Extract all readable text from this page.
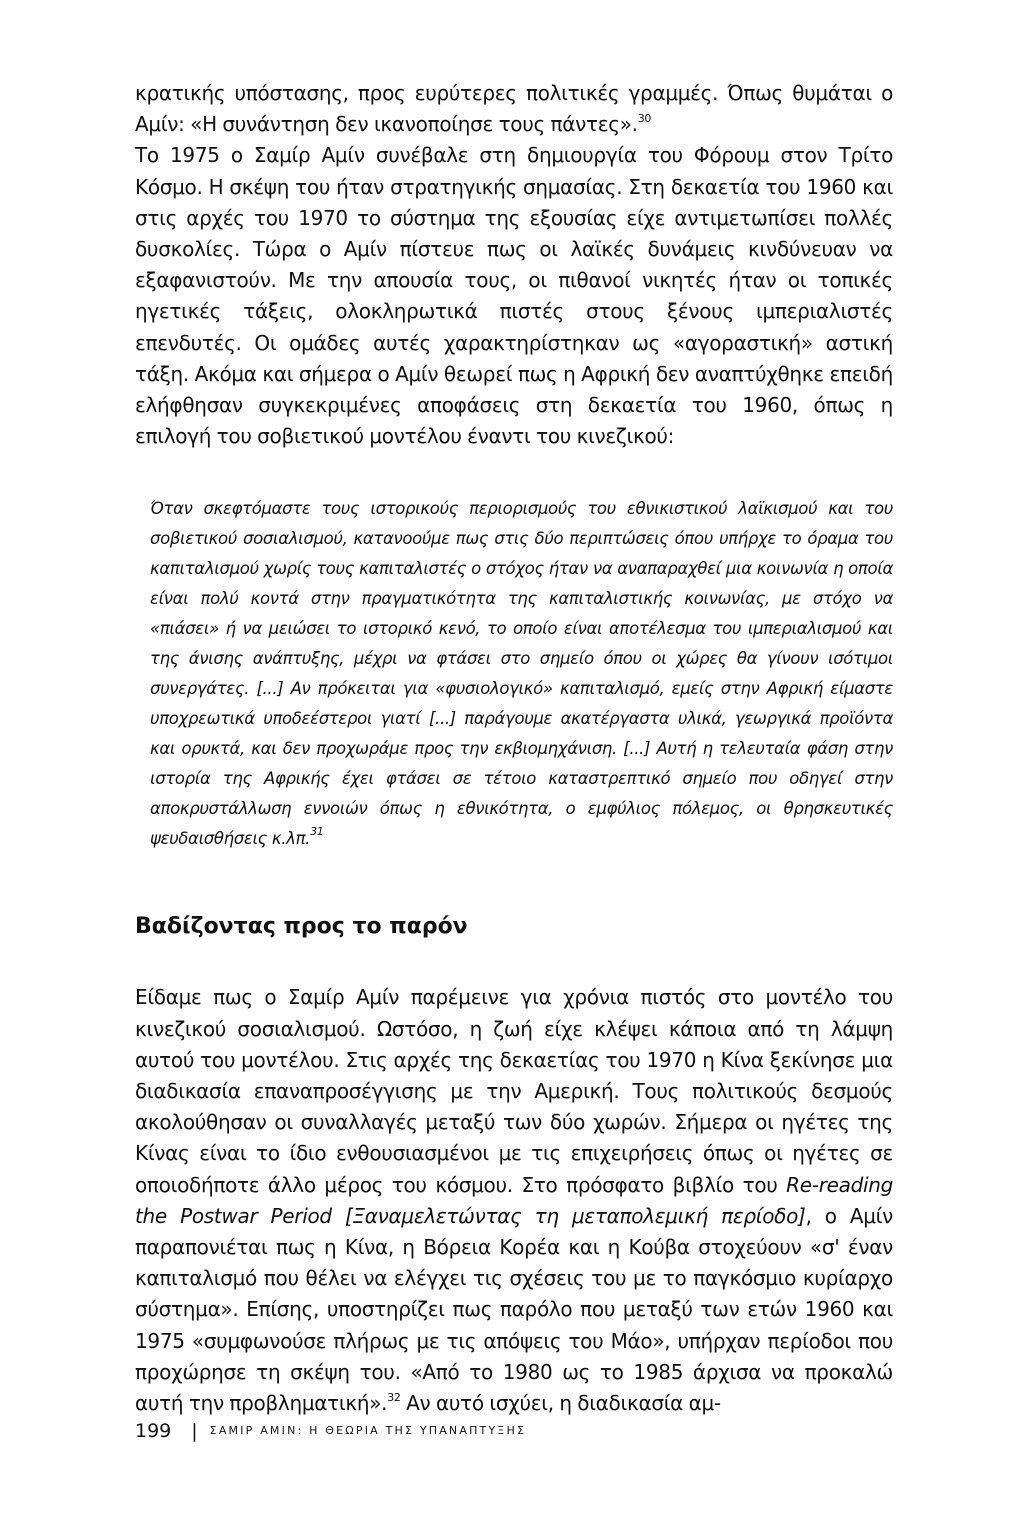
κρατικής υπόστασης, προς ευρύτερες πολιτικές γραμμές. Όπως θυμάται ο Αμίν: «Η συνάντηση δεν ικανοποίησε τους πάντες».$^{30}$
Το 1975 ο Σαμίρ Αμίν συνέβαλε στη δημιουργία του Φόρουμ στον Τρίτο Κόσμο. Η σκέψη του ήταν στρατηγικής σημασίας. Στη δεκαετία του 1960 και στις αρχές του 1970 το σύστημα της εξουσίας είχε αντιμετωπίσει πολλές δυσκολίες. Τώρα ο Αμίν πίστευε πως οι λαϊκές δυνάμεις κινδύνευαν να εξαφανιστούν. Με την απουσία τους, οι πιθανοί νικητές ήταν οι τοπικές ηγετικές τάξεις, ολοκληρωτικά πιστές στους ξένους ιμπεριαλιστές επενδυτές. Οι ομάδες αυτές χαρακτηρίστηκαν ως «αγοραστική» αστική τάξη. Ακόμα και σήμερα ο Αμίν θεωρεί πως η Αφρική δεν αναπτύχθηκε επειδή ελήφθησαν συγκεκριμένες αποφάσεις στη δεκαετία του 1960, όπως η επιλογή του σοβιετικού μοντέλου έναντι του κινεζικού:

Όταν σκεφτόμαστε τους ιστορικούς περιορισμούς του εθνικιστικού λαϊκισμού και του σοβιετικού σοσιαλισμού, κατανοούμε πως στις δύο περιπτώσεις όπου υπήρχε το όραμα του καπιταλισμού χωρίς τους καπιταλιστές ο στόχος ήταν να αναπαραχθεί μια κοινωνία η οποία είναι πολύ κοντά στην πραγματικότητα της καπιταλιστικής κοινωνίας, με στόχο να «πιάσει» ή να μειώσει το ιστορικό κενό, το οποίο είναι αποτέλεσμα του ιμπεριαλισμού και της άνισης ανάπτυξης, μέχρι να φτάσει στο σημείο όπου οι χώρες θα γίνουν ισότιμοι συνεργάτες. [...] Αν πρόκειται για «φυσιολογικό» καπιταλισμό, εμείς στην Αφρική είμαστε υποχρεωτικά υποδεέστεροι γιατί [...] παράγουμε ακατέργαστα υλικά, γεωργικά προϊόντα και ορυκτά, και δεν προχωράμε προς την εκβιομηχάνιση. [...] Αυτή η τελευταία φάση στην ιστορία της Αφρικής έχει φτάσει σε τέτοιο καταστρεπτικό σημείο που οδηγεί στην αποκρυστάλλωση εννοιών όπως η εθνικότητα, ο εμφύλιος πόλεμος, οι θρησκευτικές ψευδαισθήσεις κ.λπ.$^{31}$

Βαδίζοντας προς το παρόν

Είδαμε πως ο Σαμίρ Αμίν παρέμεινε για χρόνια πιστός στο μοντέλο του κινεζικού σοσιαλισμού. Ωστόσο, η ζωή είχε κλέψει κάποια από τη λάμψη αυτού του μοντέλου. Στις αρχές της δεκαετίας του 1970 η Κίνα ξεκίνησε μια διαδικασία επαναπροσέγγισης με την Αμερική. Τους πολιτικούς δεσμούς ακολούθησαν οι συναλλαγές μεταξύ των δύο χωρών. Σήμερα οι ηγέτες της Κίνας είναι το ίδιο ενθουσιασμένοι με τις επιχειρήσεις όπως οι ηγέτες σε οποιοδήποτε άλλο μέρος του κόσμου. Στο πρόσφατο βιβλίο του Re-reading the Postwar Period [Ξαναμελετώντας τη μεταπολεμική περίοδο], ο Αμίν παραπονιέται πως η Κίνα, η Βόρεια Κορέα και η Κούβα στοχεύουν «σ' έναν καπιταλισμό που θέλει να ελέγχει τις σχέσεις του με το παγκόσμιο κυρίαρχο σύστημα». Επίσης, υποστηρίζει πως παρόλο που μεταξύ των ετών 1960 και 1975 «συμφωνούσε πλήρως με τις απόψεις του Μάο», υπήρχαν περίοδοι που προχώρησε τη σκέψη του. «Από το 1980 ως το 1985 άρχισα να προκαλώ αυτή την προβληματική».$^{32}$ Αν αυτό ισχύει, η διαδικασία αμ-

199 | ΣΑΜΙΡ ΑΜΙΝ: Η ΘΕΩΡΙΑ ΤΗΣ ΥΠΑΝΑΠΤΥΞΗΣ
